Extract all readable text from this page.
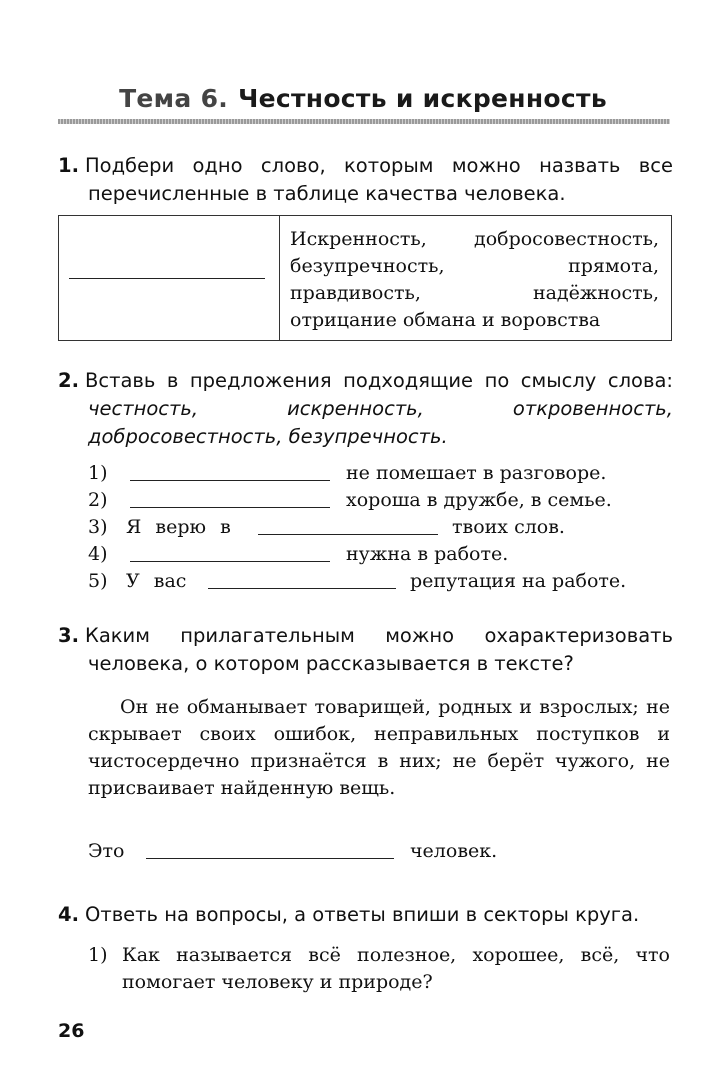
Тема 6. Честность и искренность
1. Подбери одно слово, которым можно назвать все перечисленные в таблице качества человека.

Искренность, добросовестность, безупречность, прямота, правдивость, надёжность, отрицание обмана и воровства
2. Вставь в предложения подходящие по смыслу слова: честность, искренность, откровенность, добросовестность, безупречность.
1)	не помешает в разговоре.
2)	хороша в дружбе, в семье.
3) Я верю в	твоих слов.
4)	нужна в работе.
5) У вас	репутация на работе.
3. Каким прилагательным можно охарактеризовать человека, о котором рассказывается в тексте?
Он не обманывает товарищей, родных и взрослых; не скрывает своих ошибок, неправильных поступков и чистосердечно признаётся в них; не берёт чужого, не присваивает найденную вещь.
Это	человек.
4. Ответь на вопросы, а ответы впиши в секторы круга.
1) Как называется всё полезное, хорошее, всё, что помогает человеку и природе?
26
